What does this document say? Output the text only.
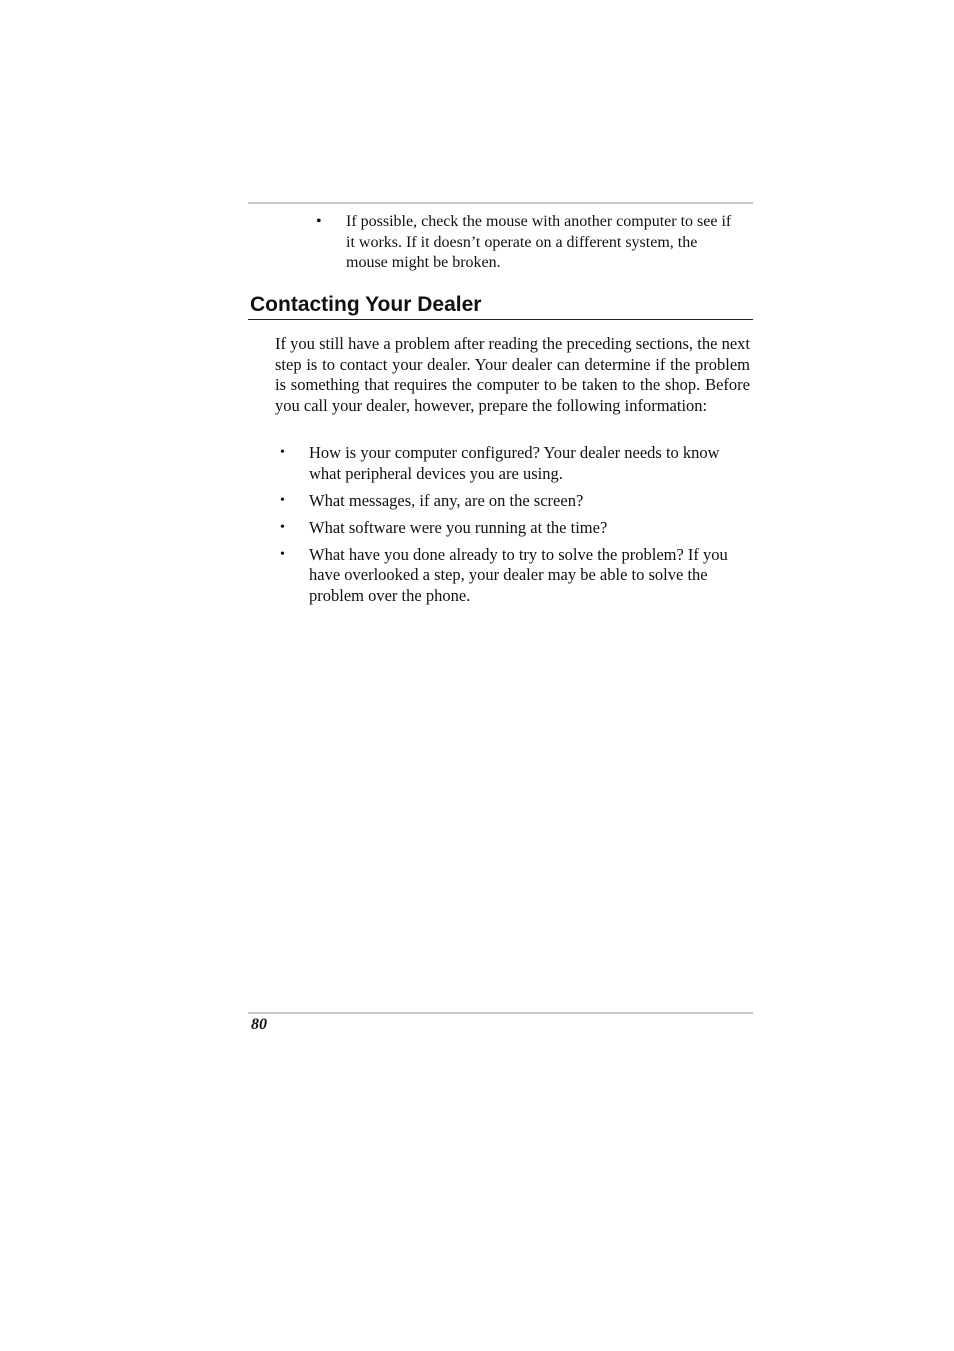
• If possible, check the mouse with another computer to see if it works. If it doesn’t operate on a different system, the mouse might be broken.
Contacting Your Dealer

If you still have a problem after reading the preceding sections, the next step is to contact your dealer. Your dealer can determine if the problem is something that requires the computer to be taken to the shop. Before you call your dealer, however, prepare the following information:

• How is your computer configured? Your dealer needs to know what peripheral devices you are using.
• What messages, if any, are on the screen?
• What software were you running at the time?
• What have you done already to try to solve the problem? If you have overlooked a step, your dealer may be able to solve the problem over the phone.
80
